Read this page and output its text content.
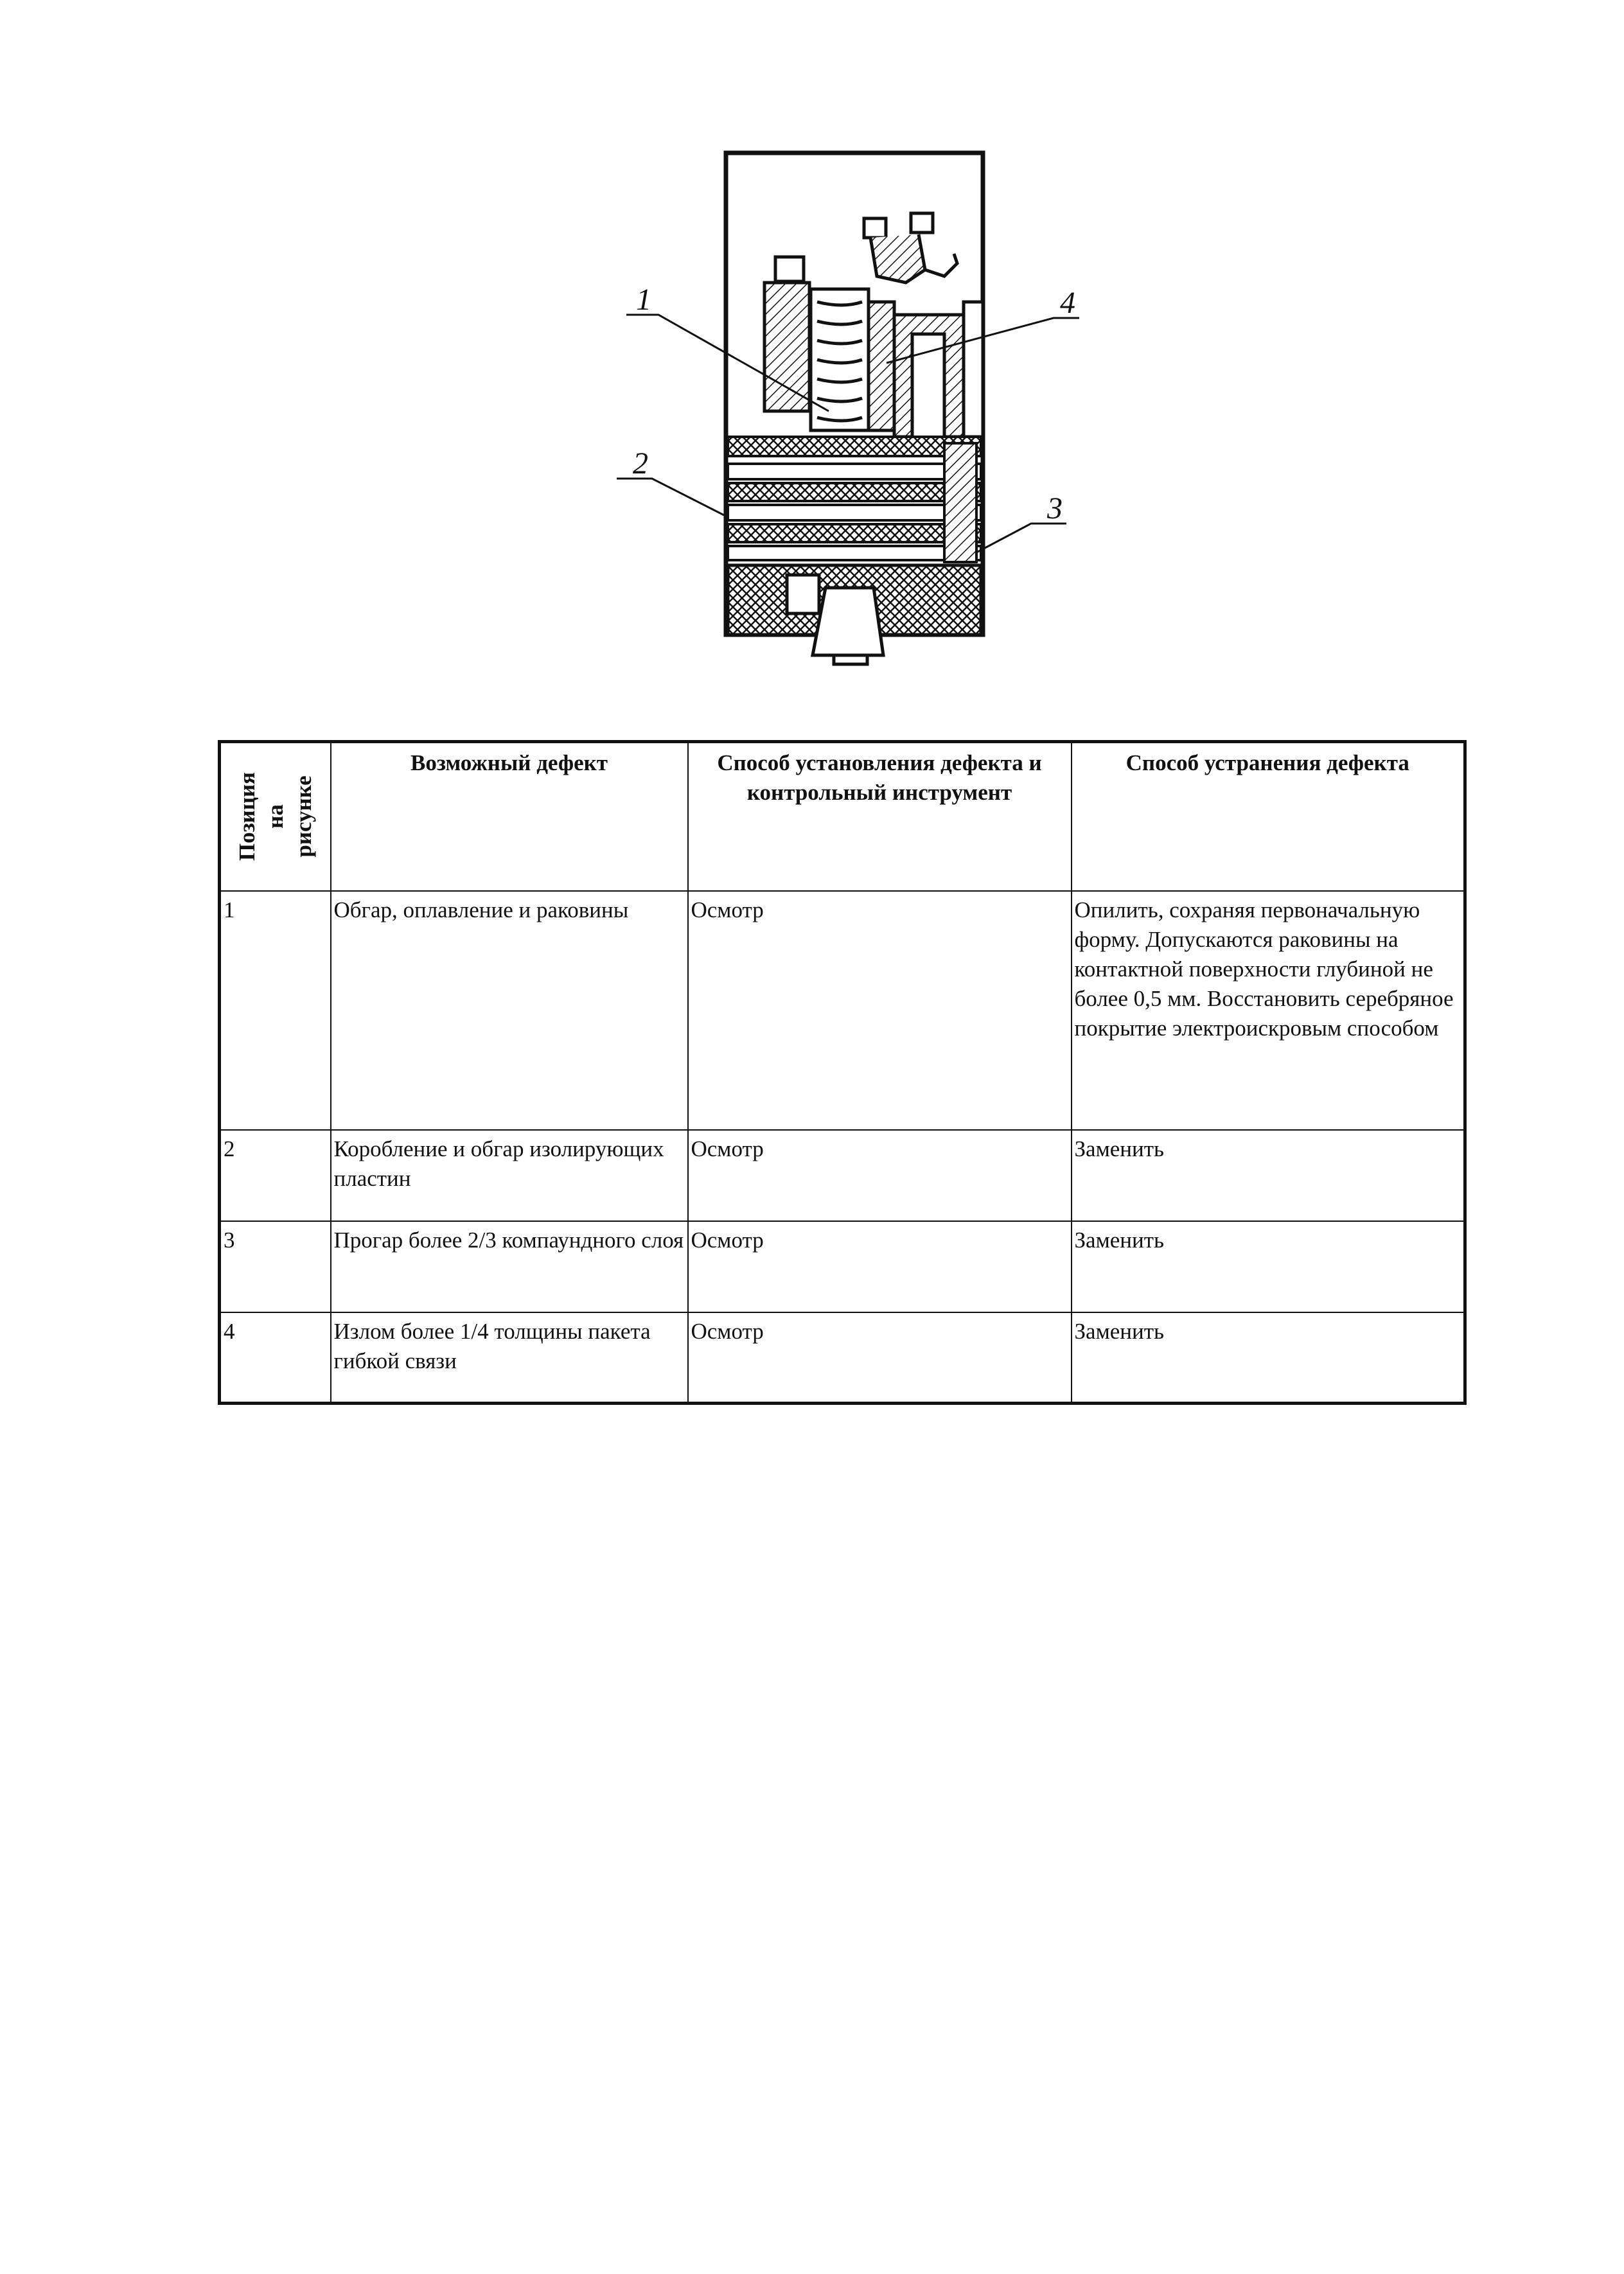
1
2
3
4
Позиция на рисунке	Возможный дефект	Способ установления дефекта и контрольный инструмент	Способ устранения дефекта
1	Обгар, оплавление и раковины	Осмотр	Опилить, сохраняя первоначальную форму. Допускаются раковины на контактной поверхности глубиной не более 0,5 мм. Восстановить серебряное покрытие электроискровым способом
2	Коробление и обгар изолирующих пластин	Осмотр	Заменить
3	Прогар более 2/3 компаундного слоя	Осмотр	Заменить
4	Излом более 1/4 толщины пакета гибкой связи	Осмотр	Заменить
